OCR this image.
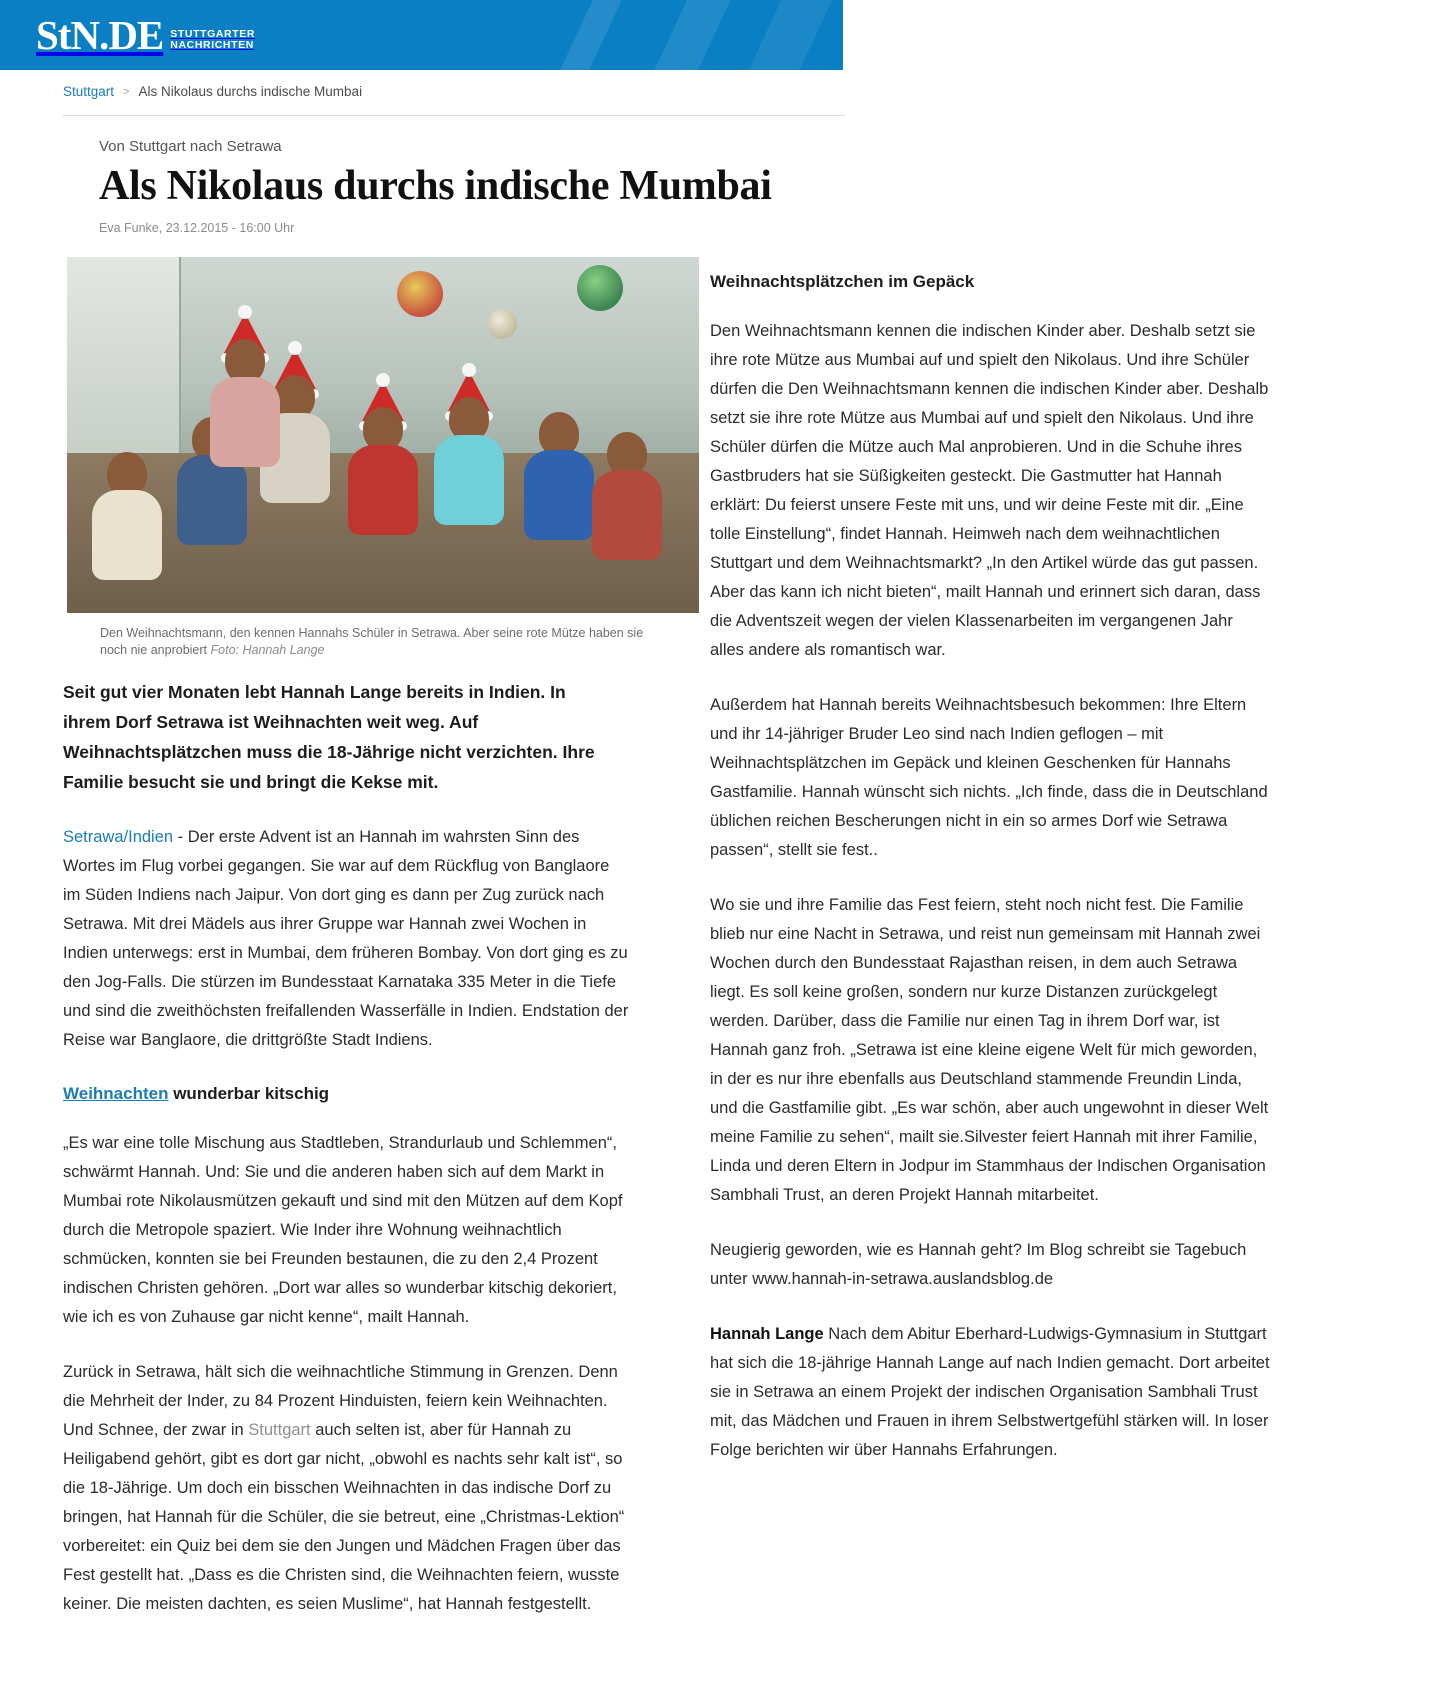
StN.DE STUTTGARTER
NACHRICHTEN
Stuttgart > Als Nikolaus durchs indische Mumbai
Von Stuttgart nach Setrawa
Als Nikolaus durchs indische Mumbai
Eva Funke, 23.12.2015 - 16:00 Uhr
Den Weihnachtsmann, den kennen Hannahs Schüler in Setrawa. Aber seine rote Mütze haben sie noch nie anprobiert Foto: Hannah Lange

Seit gut vier Monaten lebt Hannah Lange bereits in Indien. In ihrem Dorf Setrawa ist Weihnachten weit weg. Auf Weihnachtsplätzchen muss die 18-Jährige nicht verzichten. Ihre Familie besucht sie und bringt die Kekse mit.

Setrawa/Indien - Der erste Advent ist an Hannah im wahrsten Sinn des Wortes im Flug vorbei gegangen. Sie war auf dem Rückflug von Banglaore im Süden Indiens nach Jaipur. Von dort ging es dann per Zug zurück nach Setrawa. Mit drei Mädels aus ihrer Gruppe war Hannah zwei Wochen in Indien unterwegs: erst in Mumbai, dem früheren Bombay. Von dort ging es zu den Jog-Falls. Die stürzen im Bundesstaat Karnataka 335 Meter in die Tiefe und sind die zweithöchsten freifallenden Wasserfälle in Indien. Endstation der Reise war Banglaore, die drittgrößte Stadt Indiens.

Weihnachten wunderbar kitschig

„Es war eine tolle Mischung aus Stadtleben, Strandurlaub und Schlemmen“, schwärmt Hannah. Und: Sie und die anderen haben sich auf dem Markt in Mumbai rote Nikolausmützen gekauft und sind mit den Mützen auf dem Kopf durch die Metropole spaziert. Wie Inder ihre Wohnung weihnachtlich schmücken, konnten sie bei Freunden bestaunen, die zu den 2,4 Prozent indischen Christen gehören. „Dort war alles so wunderbar kitschig dekoriert, wie ich es von Zuhause gar nicht kenne“, mailt Hannah.

Zurück in Setrawa, hält sich die weihnachtliche Stimmung in Grenzen. Denn die Mehrheit der Inder, zu 84 Prozent Hinduisten, feiern kein Weihnachten. Und Schnee, der zwar in Stuttgart auch selten ist, aber für Hannah zu Heiligabend gehört, gibt es dort gar nicht, „obwohl es nachts sehr kalt ist“, so die 18-Jährige. Um doch ein bisschen Weihnachten in das indische Dorf zu bringen, hat Hannah für die Schüler, die sie betreut, eine „Christmas-Lektion“ vorbereitet: ein Quiz bei dem sie den Jungen und Mädchen Fragen über das Fest gestellt hat. „Dass es die Christen sind, die Weihnachten feiern, wusste keiner. Die meisten dachten, es seien Muslime“, hat Hannah festgestellt.

Weihnachtsplätzchen im Gepäck

Den Weihnachtsmann kennen die indischen Kinder aber. Deshalb setzt sie ihre rote Mütze aus Mumbai auf und spielt den Nikolaus. Und ihre Schüler dürfen die Den Weihnachtsmann kennen die indischen Kinder aber. Deshalb setzt sie ihre rote Mütze aus Mumbai auf und spielt den Nikolaus. Und ihre Schüler dürfen die Mütze auch Mal anprobieren. Und in die Schuhe ihres Gastbruders hat sie Süßigkeiten gesteckt. Die Gastmutter hat Hannah erklärt: Du feierst unsere Feste mit uns, und wir deine Feste mit dir. „Eine tolle Einstellung“, findet Hannah. Heimweh nach dem weihnachtlichen Stuttgart und dem Weihnachtsmarkt? „In den Artikel würde das gut passen. Aber das kann ich nicht bieten“, mailt Hannah und erinnert sich daran, dass die Adventszeit wegen der vielen Klassenarbeiten im vergangenen Jahr alles andere als romantisch war.

Außerdem hat Hannah bereits Weihnachtsbesuch bekommen: Ihre Eltern und ihr 14-jähriger Bruder Leo sind nach Indien geflogen – mit Weihnachtsplätzchen im Gepäck und kleinen Geschenken für Hannahs Gastfamilie. Hannah wünscht sich nichts. „Ich finde, dass die in Deutschland üblichen reichen Bescherungen nicht in ein so armes Dorf wie Setrawa passen“, stellt sie fest..

Wo sie und ihre Familie das Fest feiern, steht noch nicht fest. Die Familie blieb nur eine Nacht in Setrawa, und reist nun gemeinsam mit Hannah zwei Wochen durch den Bundesstaat Rajasthan reisen, in dem auch Setrawa liegt. Es soll keine großen, sondern nur kurze Distanzen zurückgelegt werden. Darüber, dass die Familie nur einen Tag in ihrem Dorf war, ist Hannah ganz froh. „Setrawa ist eine kleine eigene Welt für mich geworden, in der es nur ihre ebenfalls aus Deutschland stammende Freundin Linda, und die Gastfamilie gibt. „Es war schön, aber auch ungewohnt in dieser Welt meine Familie zu sehen“, mailt sie.Silvester feiert Hannah mit ihrer Familie, Linda und deren Eltern in Jodpur im Stammhaus der Indischen Organisation Sambhali Trust, an deren Projekt Hannah mitarbeitet.

Neugierig geworden, wie es Hannah geht? Im Blog schreibt sie Tagebuch unter www.hannah-in-setrawa.auslandsblog.de

Hannah Lange Nach dem Abitur Eberhard-Ludwigs-Gymnasium in Stuttgart hat sich die 18-jährige Hannah Lange auf nach Indien gemacht. Dort arbeitet sie in Setrawa an einem Projekt der indischen Organisation Sambhali Trust mit, das Mädchen und Frauen in ihrem Selbstwertgefühl stärken will. In loser Folge berichten wir über Hannahs Erfahrungen.
